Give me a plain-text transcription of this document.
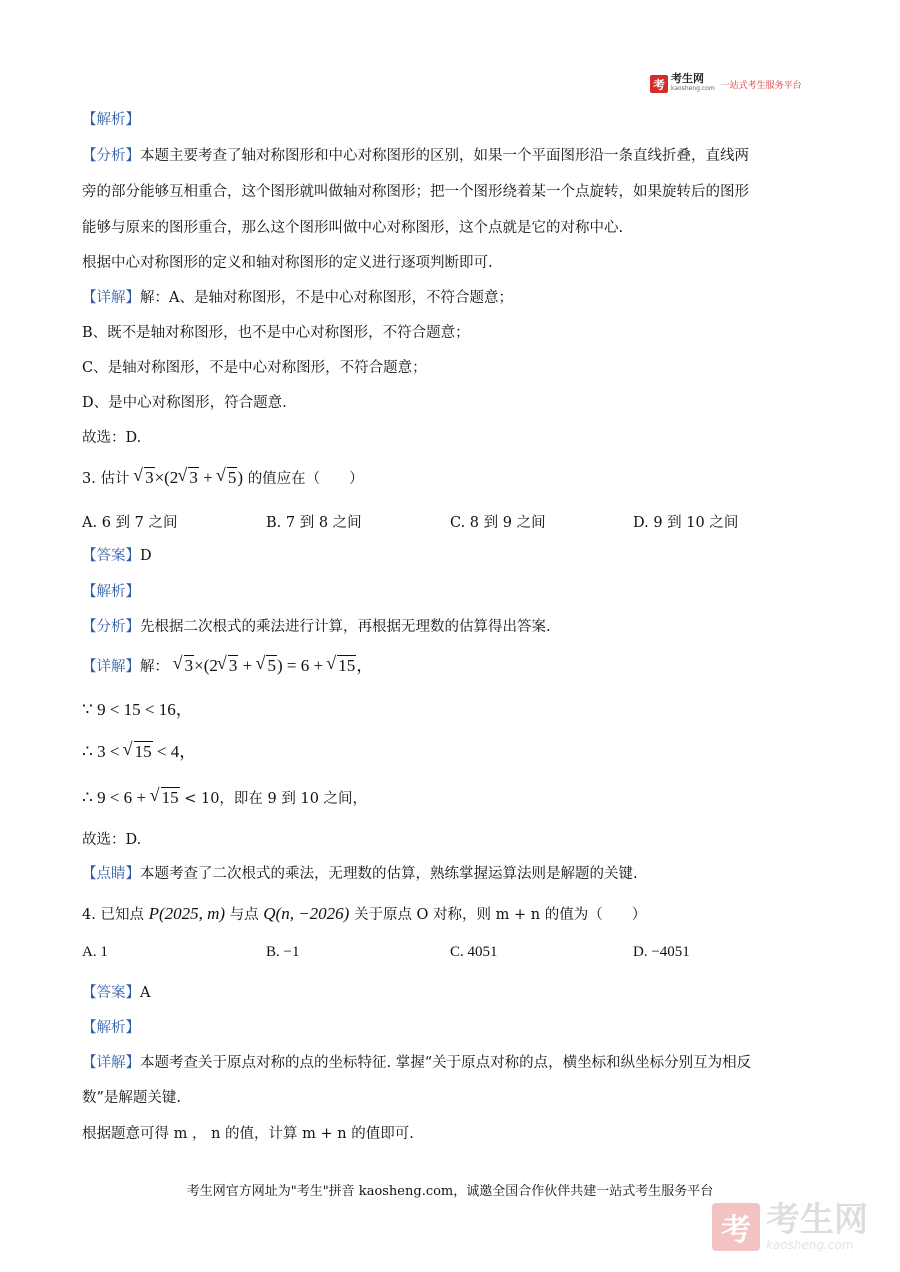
考 考生网
kaosheng.com 一站式考生服务平台
【解析】
【分析】本题主要考查了轴对称图形和中心对称图形的区别，如果一个平面图形沿一条直线折叠，直线两
旁的部分能够互相重合，这个图形就叫做轴对称图形；把一个图形绕着某一个点旋转，如果旋转后的图形
能够与原来的图形重合，那么这个图形叫做中心对称图形，这个点就是它的对称中心.
根据中心对称图形的定义和轴对称图形的定义进行逐项判断即可.
【详解】解：A、是轴对称图形，不是中心对称图形，不符合题意；
B、既不是轴对称图形，也不是中心对称图形，不符合题意；
C、是轴对称图形，不是中心对称图形，不符合题意；
D、是中心对称图形，符合题意.
故选：D.
3. 估计 √ 3×(2 √ 3 + √ 5) 的值应在（　　）
A. 6 到 7 之间	B. 7 到 8 之间	C. 8 到 9 之间	D. 9 到 10 之间
【答案】D
【解析】
【分析】先根据二次根式的乘法进行计算，再根据无理数的估算得出答案.
【详解】解： √ 3×(2 √ 3 + √ 5) = 6 + √ 15，
∵ 9 < 15 < 16，
∴ 3 < √ 15 < 4，
∴ 9 < 6 + √ 15 < 10，即在 9 到 10 之间，
故选：D.
【点睛】本题考查了二次根式的乘法，无理数的估算，熟练掌握运算法则是解题的关键.
4. 已知点 P(2025, m) 与点 Q(n, −2026) 关于原点 O 对称，则 m + n 的值为（　　）
A. 1	B. −1	C. 4051	D. −4051
【答案】A
【解析】
【详解】本题考查关于原点对称的点的坐标特征. 掌握“关于原点对称的点，横坐标和纵坐标分别互为相反
数”是解题关键.
根据题意可得 m ， n 的值，计算 m + n 的值即可.
考生网官方网址为"考生"拼音 kaosheng.com，诚邀全国合作伙伴共建一站式考生服务平台
考 考生网
kaosheng.com
